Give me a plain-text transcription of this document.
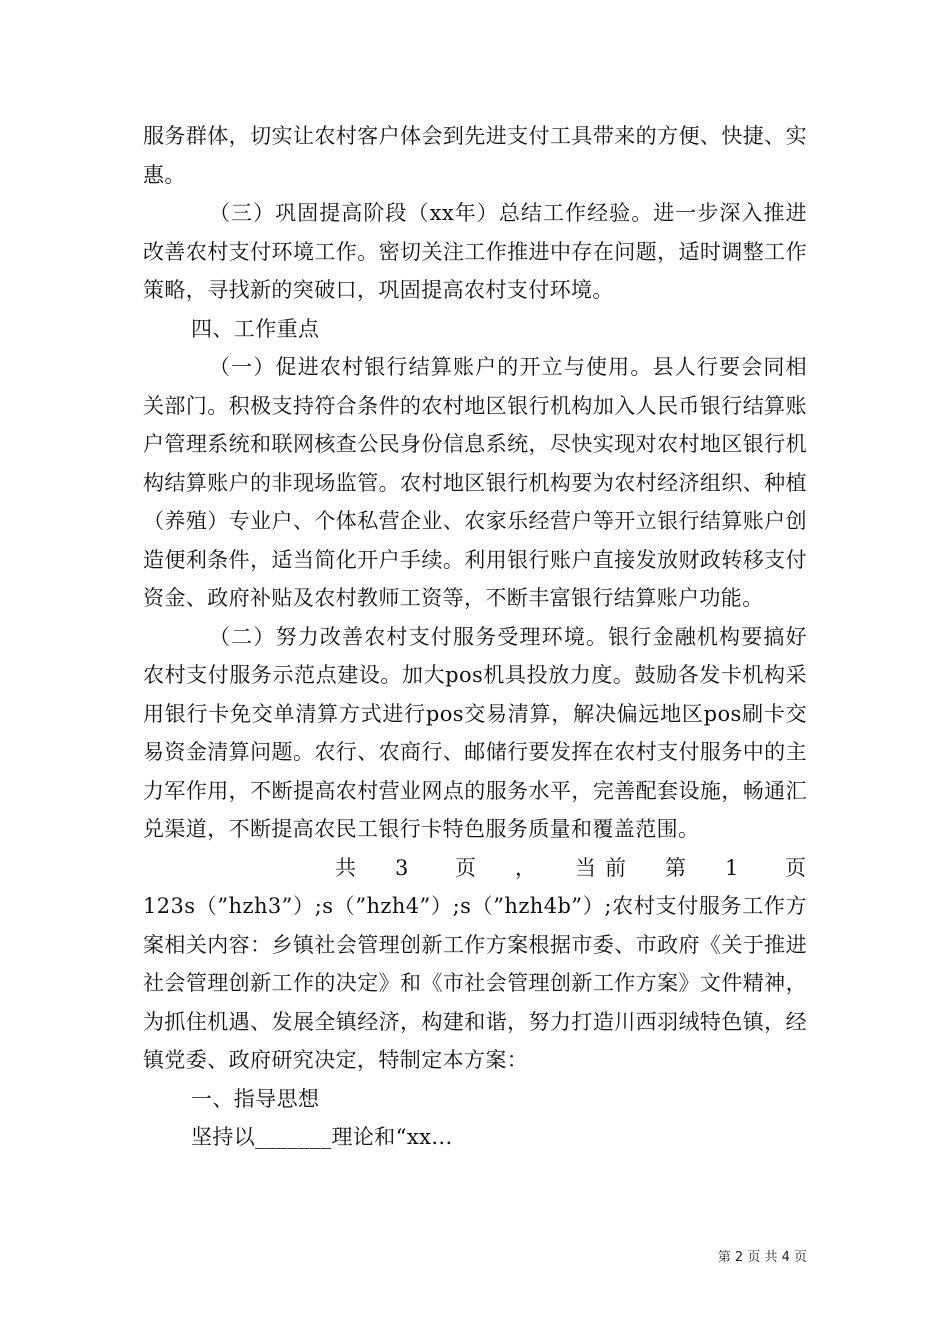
服务群体，切实让农村客户体会到先进支付工具带来的方便、快捷、实惠。

（三）巩固提高阶段（xx年）总结工作经验。进一步深入推进改善农村支付环境工作。密切关注工作推进中存在问题，适时调整工作策略，寻找新的突破口，巩固提高农村支付环境。

四、工作重点

（一）促进农村银行结算账户的开立与使用。县人行要会同相关部门。积极支持符合条件的农村地区银行机构加入人民币银行结算账户管理系统和联网核查公民身份信息系统，尽快实现对农村地区银行机构结算账户的非现场监管。农村地区银行机构要为农村经济组织、种植（养殖）专业户、个体私营企业、农家乐经营户等开立银行结算账户创造便利条件，适当简化开户手续。利用银行账户直接发放财政转移支付资金、政府补贴及农村教师工资等，不断丰富银行结算账户功能。

（二）努力改善农村支付服务受理环境。银行金融机构要搞好农村支付服务示范点建设。加大pos机具投放力度。鼓励各发卡机构采用银行卡免交单清算方式进行pos交易清算，解决偏远地区pos刷卡交易资金清算问题。农行、农商行、邮储行要发挥在农村支付服务中的主力军作用，不断提高农村营业网点的服务水平，完善配套设施，畅通汇兑渠道，不断提高农民工银行卡特色服务质量和覆盖范围。

共	3	页	，	当 前	第	1	页

123s（”hzh3”）;s（”hzh4”）;s（”hzh4b”）;农村支付服务工作方案相关内容：乡镇社会管理创新工作方案根据市委、市政府《关于推进社会管理创新工作的决定》和《市社会管理创新工作方案》文件精神，为抓住机遇、发展全镇经济，构建和谐，努力打造川西羽绒特色镇，经镇党委、政府研究决定，特制定本方案：

一、指导思想

坚持以_______理论和“xx...

第 2 页 共 4 页
